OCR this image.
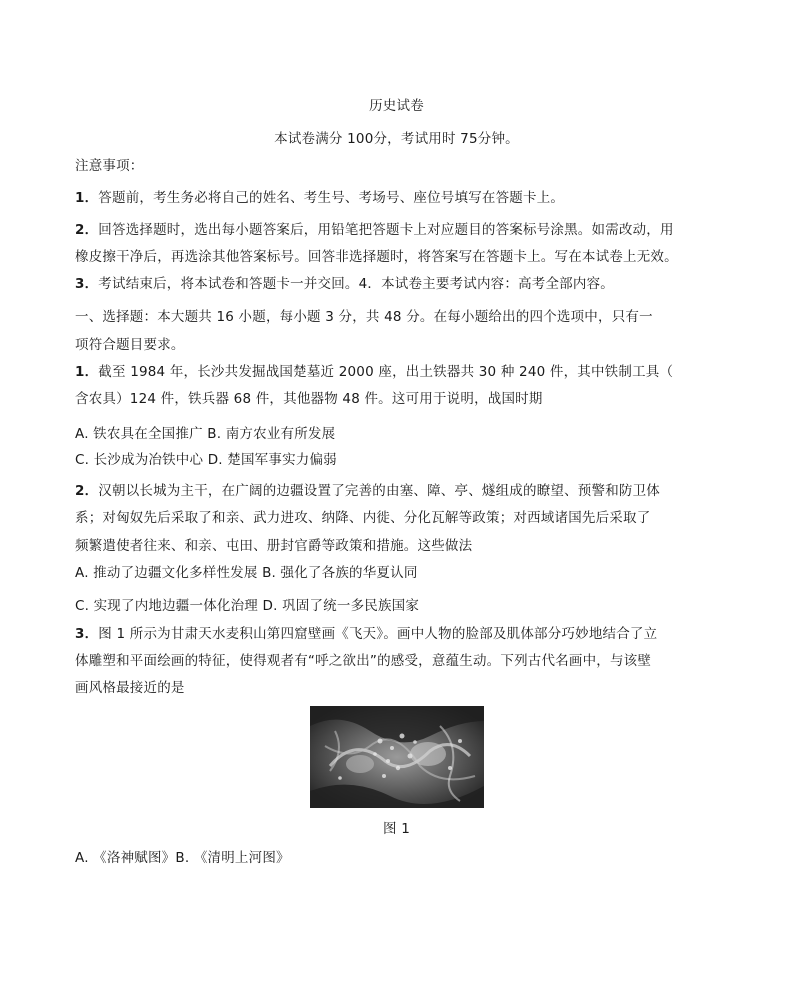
历史试卷
本试卷满分 100分，考试用时 75分钟。
注意事项：
1．答题前，考生务必将自己的姓名、考生号、考场号、座位号填写在答题卡上。
2．回答选择题时，选出每小题答案后，用铅笔把答题卡上对应题目的答案标号涂黑。如需改动，用
橡皮擦干净后，再选涂其他答案标号。回答非选择题时，将答案写在答题卡上。写在本试卷上无效。
3．考试结束后，将本试卷和答题卡一并交回。4．本试卷主要考试内容：高考全部内容。
一、选择题：本大题共 16 小题，每小题 3 分，共 48 分。在每小题给出的四个选项中，只有一
项符合题目要求。
1．截至 1984 年，长沙共发掘战国楚墓近 2000 座，出土铁器共 30 种 240 件，其中铁制工具（
含农具）124 件，铁兵器 68 件，其他器物 48 件。这可用于说明，战国时期
A. 铁农具在全国推广 B. 南方农业有所发展
C. 长沙成为冶铁中心 D. 楚国军事实力偏弱
2．汉朝以长城为主干，在广阔的边疆设置了完善的由塞、障、亭、燧组成的瞭望、预警和防卫体
系；对匈奴先后采取了和亲、武力进攻、纳降、内徙、分化瓦解等政策；对西域诸国先后采取了
频繁遣使者往来、和亲、屯田、册封官爵等政策和措施。这些做法
A. 推动了边疆文化多样性发展 B. 强化了各族的华夏认同
C. 实现了内地边疆一体化治理 D. 巩固了统一多民族国家
3．图 1 所示为甘肃天水麦积山第四窟壁画《飞天》。画中人物的脸部及肌体部分巧妙地结合了立
体雕塑和平面绘画的特征，使得观者有“呼之欲出”的感受，意蕴生动。下列古代名画中，与该壁
画风格最接近的是
图 1
A. 《洛神赋图》B. 《清明上河图》
